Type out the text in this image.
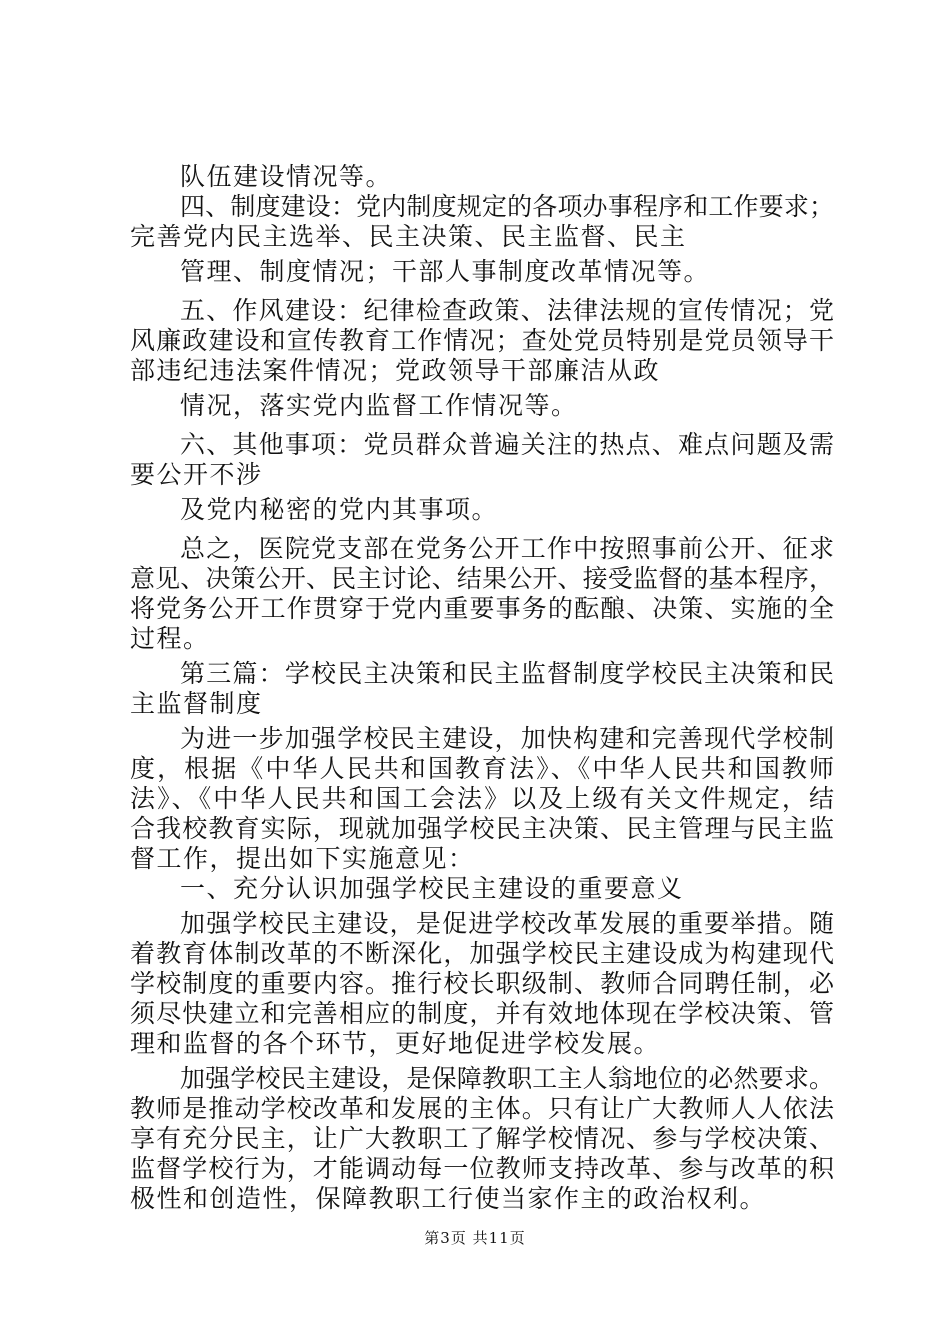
队伍建设情况等。
四、制度建设：党内制度规定的各项办事程序和工作要求；
完善党内民主选举、民主决策、民主监督、民主
管理、制度情况；干部人事制度改革情况等。
五、作风建设：纪律检查政策、法律法规的宣传情况；党
风廉政建设和宣传教育工作情况；查处党员特别是党员领导干
部违纪违法案件情况；党政领导干部廉洁从政
情况，落实党内监督工作情况等。
六、其他事项：党员群众普遍关注的热点、难点问题及需
要公开不涉
及党内秘密的党内其事项。
总之，医院党支部在党务公开工作中按照事前公开、征求
意见、决策公开、民主讨论、结果公开、接受监督的基本程序，
将党务公开工作贯穿于党内重要事务的酝酿、决策、实施的全
过程。
第三篇：学校民主决策和民主监督制度学校民主决策和民
主监督制度
为进一步加强学校民主建设，加快构建和完善现代学校制
度，根据《中华人民共和国教育法》、《中华人民共和国教师
法》、《中华人民共和国工会法》以及上级有关文件规定，结
合我校教育实际，现就加强学校民主决策、民主管理与民主监
督工作，提出如下实施意见：
一、充分认识加强学校民主建设的重要意义
加强学校民主建设，是促进学校改革发展的重要举措。随
着教育体制改革的不断深化，加强学校民主建设成为构建现代
学校制度的重要内容。推行校长职级制、教师合同聘任制，必
须尽快建立和完善相应的制度，并有效地体现在学校决策、管
理和监督的各个环节，更好地促进学校发展。
加强学校民主建设，是保障教职工主人翁地位的必然要求。
教师是推动学校改革和发展的主体。只有让广大教师人人依法
享有充分民主，让广大教职工了解学校情况、参与学校决策、
监督学校行为，才能调动每一位教师支持改革、参与改革的积
极性和创造性，保障教职工行使当家作主的政治权利。
第3页 共11页
